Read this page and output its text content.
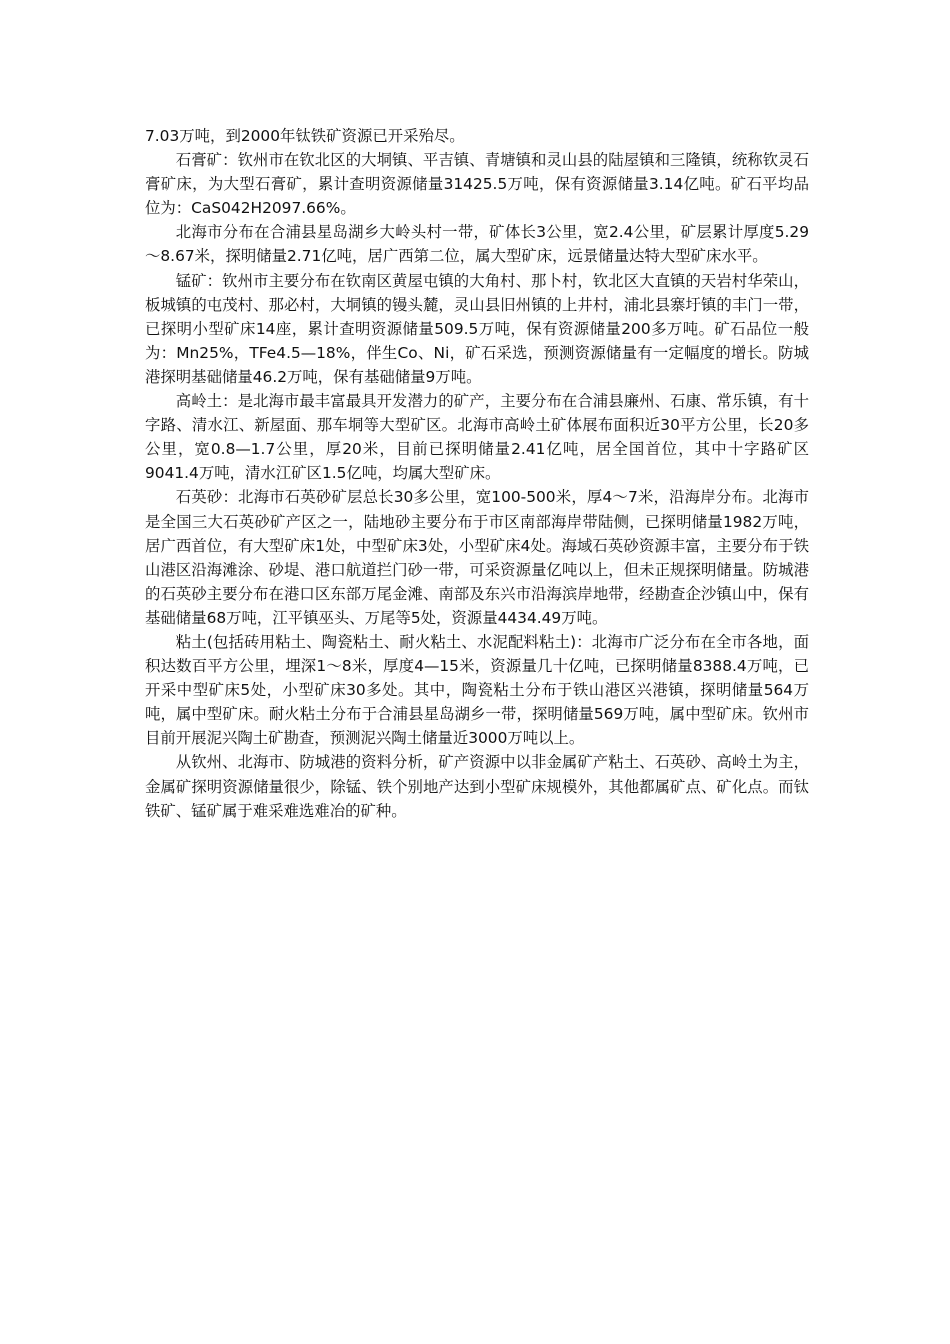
7.03万吨，到2000年钛铁矿资源已开采殆尽。

石膏矿：钦州市在钦北区的大垌镇、平吉镇、青塘镇和灵山县的陆屋镇和三隆镇，统称钦灵石膏矿床，为大型石膏矿，累计查明资源储量31425.5万吨，保有资源储量3.14亿吨。矿石平均品位为：CaS042H2097.66%。

北海市分布在合浦县星岛湖乡大岭头村一带，矿体长3公里，宽2.4公里，矿层累计厚度5.29～8.67米，探明储量2.71亿吨，居广西第二位，属大型矿床，远景储量达特大型矿床水平。

锰矿：钦州市主要分布在钦南区黄屋屯镇的大角村、那卜村，钦北区大直镇的天岩村华荣山，板城镇的屯茂村、那必村，大垌镇的镘头麓，灵山县旧州镇的上井村，浦北县寨圩镇的丰门一带，已探明小型矿床14座，累计查明资源储量509.5万吨，保有资源储量200多万吨。矿石品位一般为：Mn25%，TFe4.5—18%，伴生Co、Ni，矿石采选，预测资源储量有一定幅度的增长。防城港探明基础储量46.2万吨，保有基础储量9万吨。

高岭土：是北海市最丰富最具开发潜力的矿产，主要分布在合浦县廉州、石康、常乐镇，有十字路、清水江、新屋面、那车垌等大型矿区。北海市高岭土矿体展布面积近30平方公里，长20多公里，宽0.8—1.7公里，厚20米，目前已探明储量2.41亿吨，居全国首位，其中十字路矿区9041.4万吨，清水江矿区1.5亿吨，均属大型矿床。

石英砂：北海市石英砂矿层总长30多公里，宽100-500米，厚4～7米，沿海岸分布。北海市是全国三大石英砂矿产区之一，陆地砂主要分布于市区南部海岸带陆侧，已探明储量1982万吨，居广西首位，有大型矿床1处，中型矿床3处，小型矿床4处。海域石英砂资源丰富，主要分布于铁山港区沿海滩涂、砂堤、港口航道拦门砂一带，可采资源量亿吨以上，但未正规探明储量。防城港的石英砂主要分布在港口区东部万尾金滩、南部及东兴市沿海滨岸地带，经勘查企沙镇山中，保有基础储量68万吨，江平镇巫头、万尾等5处，资源量4434.49万吨。

粘土(包括砖用粘土、陶瓷粘土、耐火粘土、水泥配料粘土)：北海市广泛分布在全市各地，面积达数百平方公里，埋深1～8米，厚度4—15米，资源量几十亿吨，已探明储量8388.4万吨，已开采中型矿床5处，小型矿床30多处。其中，陶瓷粘土分布于铁山港区兴港镇，探明储量564万吨，属中型矿床。耐火粘土分布于合浦县星岛湖乡一带，探明储量569万吨，属中型矿床。钦州市目前开展泥兴陶土矿勘查，预测泥兴陶土储量近3000万吨以上。

从钦州、北海市、防城港的资料分析，矿产资源中以非金属矿产粘土、石英砂、高岭土为主，金属矿探明资源储量很少，除锰、铁个别地产达到小型矿床规模外，其他都属矿点、矿化点。而钛铁矿、锰矿属于难采难选难冶的矿种。
